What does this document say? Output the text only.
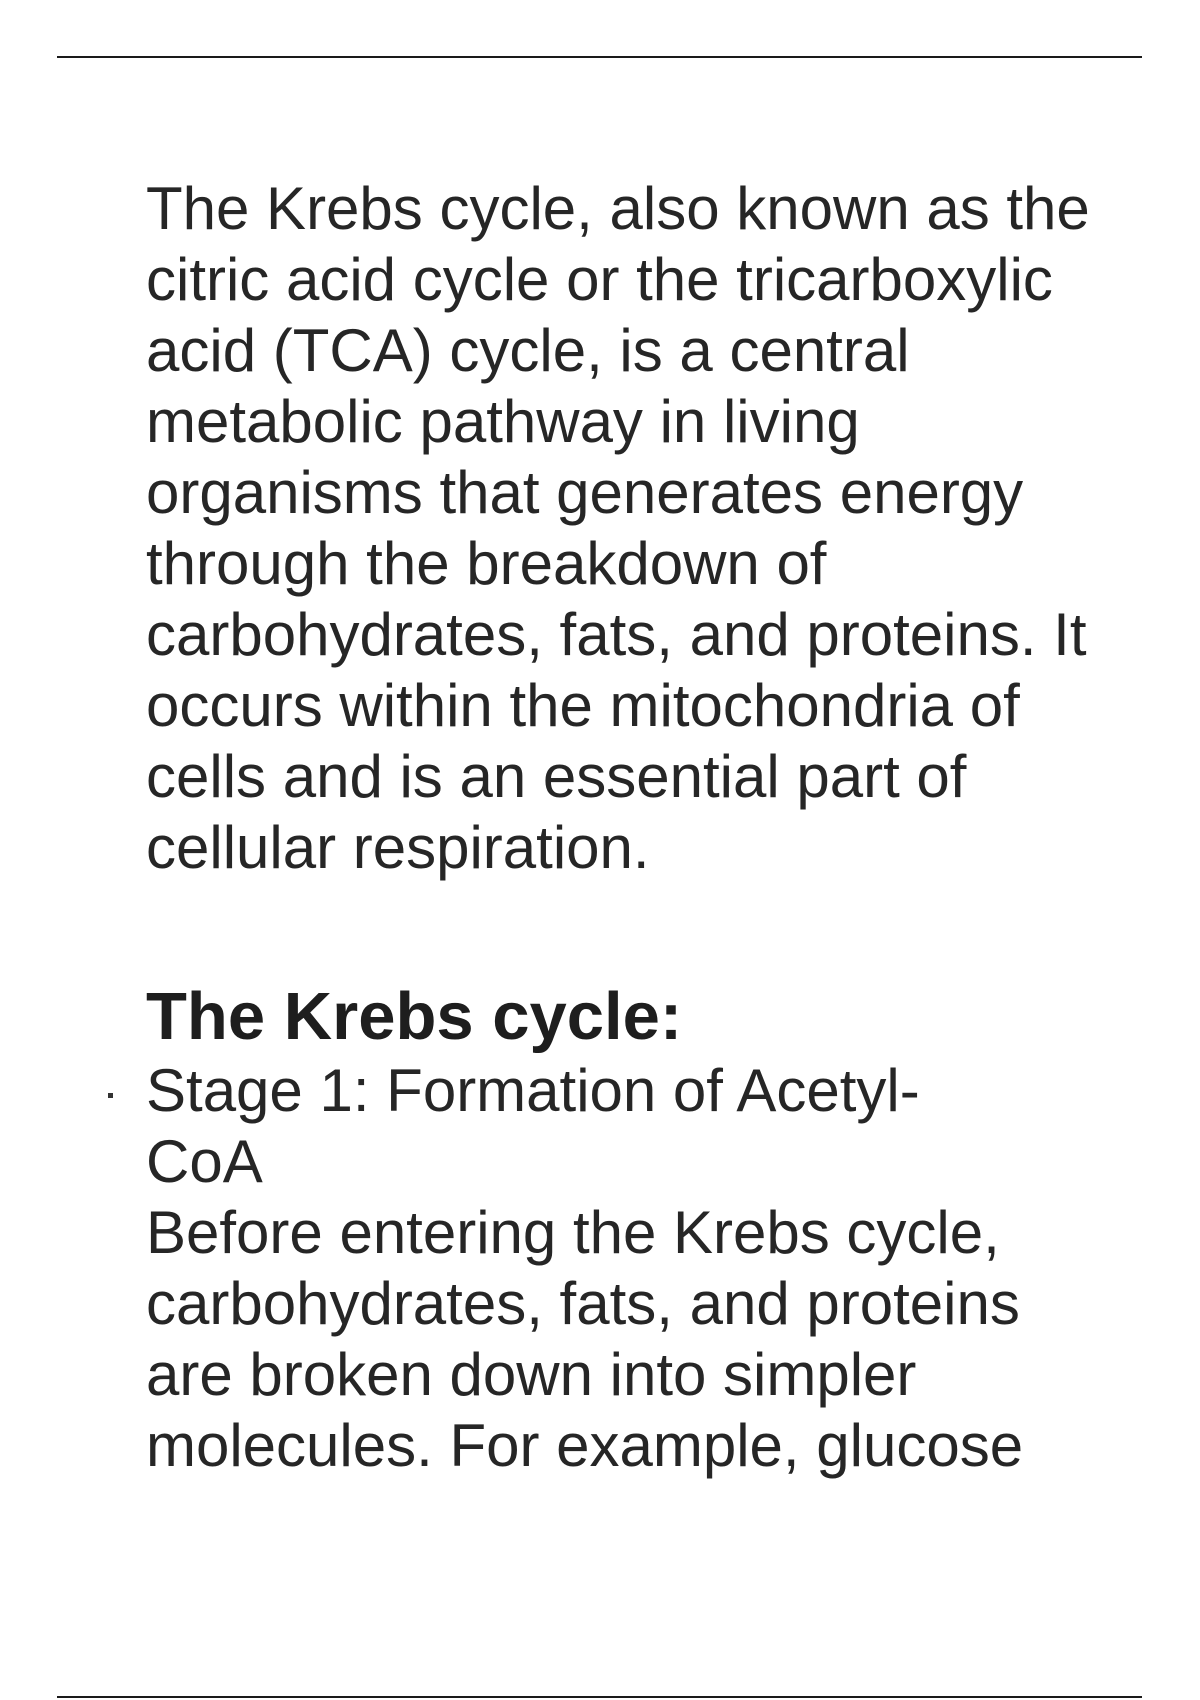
The Krebs cycle, also known as the citric acid cycle or the tricarboxylic acid (TCA) cycle, is a central metabolic pathway in living organisms that generates energy through the breakdown of carbohydrates, fats, and proteins. It occurs within the mitochondria of cells and is an essential part of cellular respiration.

The Krebs cycle:
Stage 1: Formation of Acetyl-CoA
Before entering the Krebs cycle, carbohydrates, fats, and proteins are broken down into simpler molecules. For example, glucose
